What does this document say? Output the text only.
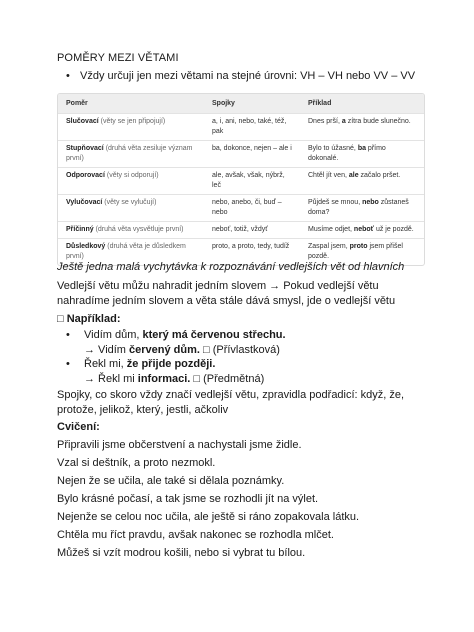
POMĚRY MEZI VĚTAMI
• Vždy určuji jen mezi větami na stejné úrovni: VH – VH nebo VV – VV
Poměr	Spojky	Příklad
Slučovací (věty se jen připojují)	a, i, ani, nebo, také, též, pak	Dnes prší, a zítra bude slunečno.
Stupňovací (druhá věta zesiluje význam první)	ba, dokonce, nejen – ale i	Bylo to úžasné, ba přímo dokonalé.
Odporovací (věty si odporují)	ale, avšak, však, nýbrž, leč	Chtěl jít ven, ale začalo pršet.
Vylučovací (věty se vylučují)	nebo, anebo, či, buď – nebo	Půjdeš se mnou, nebo zůstaneš doma?
Příčinný (druhá věta vysvětluje první)	neboť, totiž, vždyť	Musíme odjet, neboť už je pozdě.
Důsledkový (druhá věta je důsledkem první)	proto, a proto, tedy, tudíž	Zaspal jsem, proto jsem přišel pozdě.
Ještě jedna malá vychytávka k rozpoznávání vedlejších vět od hlavních
Vedlejší větu můžu nahradit jedním slovem → Pokud vedlejší větu
nahradíme jedním slovem a věta stále dává smysl, jde o vedlejší větu
□ Například:
• Vidím dům, který má červenou střechu.
→ Vidím červený dům. □ (Přívlastková)
• Řekl mi, že přijde později.
→ Řekl mi informaci. □ (Předmětná)
Spojky, co skoro vždy značí vedlejší větu, zpravidla podřadicí: když, že,
protože, jelikož, který, jestli, ačkoliv
Cvičení:
Připravili jsme občerstvení a nachystali jsme židle.
Vzal si deštník, a proto nezmokl.
Nejen že se učila, ale také si dělala poznámky.
Bylo krásné počasí, a tak jsme se rozhodli jít na výlet.
Nejenže se celou noc učila, ale ještě si ráno zopakovala látku.
Chtěla mu říct pravdu, avšak nakonec se rozhodla mlčet.
Můžeš si vzít modrou košili, nebo si vybrat tu bílou.
